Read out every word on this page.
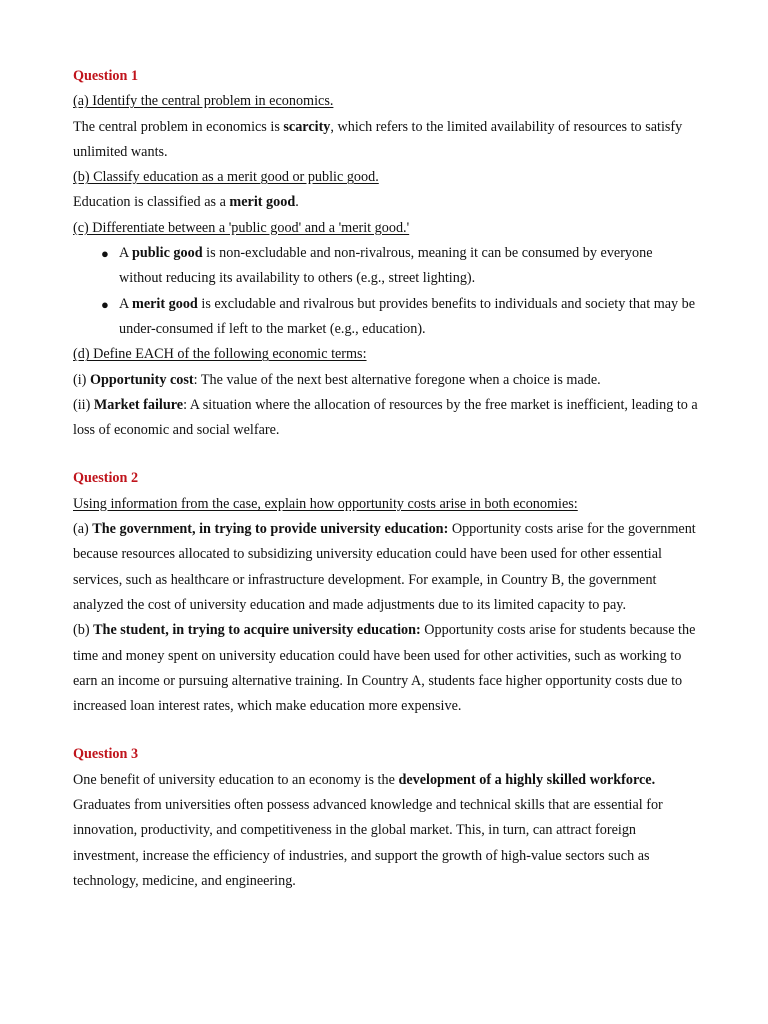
Question 1

(a) Identify the central problem in economics.

The central problem in economics is scarcity, which refers to the limited availability of resources to satisfy unlimited wants.

(b) Classify education as a merit good or public good.

Education is classified as a merit good.

(c) Differentiate between a 'public good' and a 'merit good.'

● A public good is non-excludable and non-rivalrous, meaning it can be consumed by everyone without reducing its availability to others (e.g., street lighting).
● A merit good is excludable and rivalrous but provides benefits to individuals and society that may be under-consumed if left to the market (e.g., education).

(d) Define EACH of the following economic terms:

(i) Opportunity cost: The value of the next best alternative foregone when a choice is made.

(ii) Market failure: A situation where the allocation of resources by the free market is inefficient, leading to a loss of economic and social welfare.

Question 2

Using information from the case, explain how opportunity costs arise in both economies:

(a) The government, in trying to provide university education: Opportunity costs arise for the government because resources allocated to subsidizing university education could have been used for other essential services, such as healthcare or infrastructure development. For example, in Country B, the government analyzed the cost of university education and made adjustments due to its limited capacity to pay.

(b) The student, in trying to acquire university education: Opportunity costs arise for students because the time and money spent on university education could have been used for other activities, such as working to earn an income or pursuing alternative training. In Country A, students face higher opportunity costs due to increased loan interest rates, which make education more expensive.

Question 3

One benefit of university education to an economy is the development of a highly skilled workforce. Graduates from universities often possess advanced knowledge and technical skills that are essential for innovation, productivity, and competitiveness in the global market. This, in turn, can attract foreign investment, increase the efficiency of industries, and support the growth of high-value sectors such as technology, medicine, and engineering.
